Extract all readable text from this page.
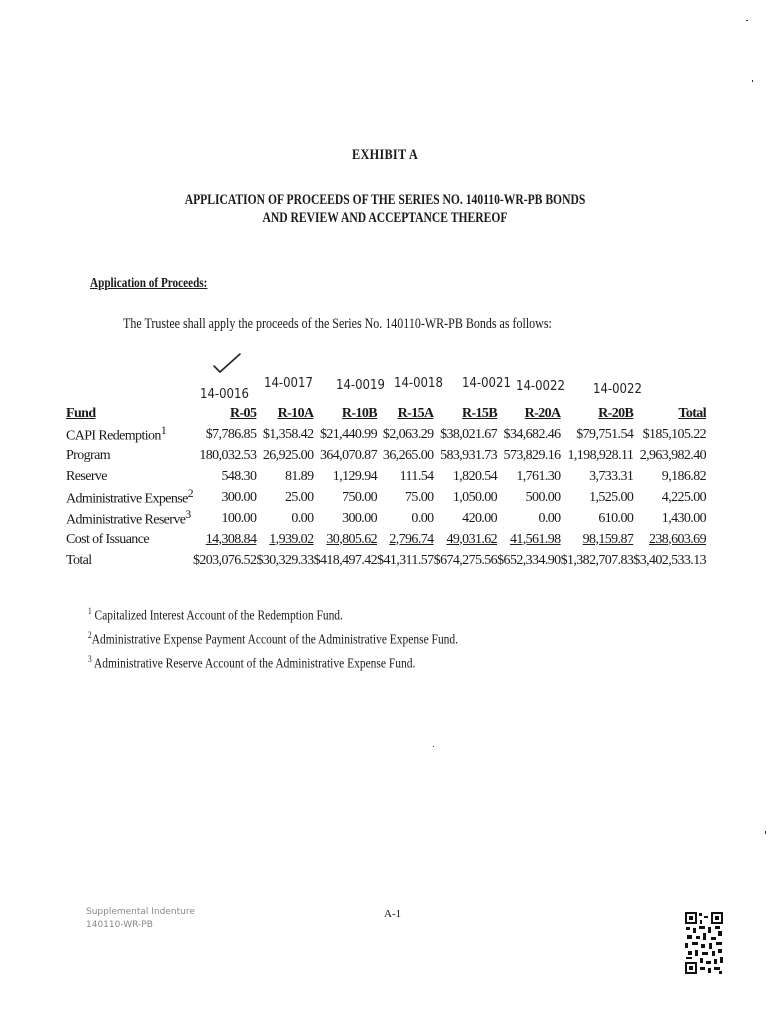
EXHIBIT A
APPLICATION OF PROCEEDS OF THE SERIES NO. 140110-WR-PB BONDS
AND REVIEW AND ACCEPTANCE THEREOF
Application of Proceeds:
The Trustee shall apply the proceeds of the Series No. 140110-WR-PB Bonds as follows:
14-0016
14-0017 14-0019 14-0018 14-0021 14-0022 14-0022
Fund	R-05	R-10A	R-10B	R-15A	R-15B	R-20A	R-20B	Total
CAPI Redemption$^1$	$7,786.85	$1,358.42	$21,440.99	$2,063.29	$38,021.67	$34,682.46	$79,751.54	$185,105.22
Program	180,032.53	26,925.00	364,070.87	36,265.00	583,931.73	573,829.16	1,198,928.11	2,963,982.40
Reserve	548.30	81.89	1,129.94	111.54	1,820.54	1,761.30	3,733.31	9,186.82
Administrative Expense$^2$	300.00	25.00	750.00	75.00	1,050.00	500.00	1,525.00	4,225.00
Administrative Reserve$^3$	100.00	0.00	300.00	0.00	420.00	0.00	610.00	1,430.00
Cost of Issuance	14,308.84	1,939.02	30,805.62	2,796.74	49,031.62	41,561.98	98,159.87	238,603.69
Total	$203,076.52	$30,329.33	$418,497.42	$41,311.57	$674,275.56	$652,334.90	$1,382,707.83	$3,402,533.13
$^1$ Capitalized Interest Account of the Redemption Fund.
$^2$Administrative Expense Payment Account of the Administrative Expense Fund.
$^3$ Administrative Reserve Account of the Administrative Expense Fund.
Supplemental Indenture
140110-WR-PB
A-1
